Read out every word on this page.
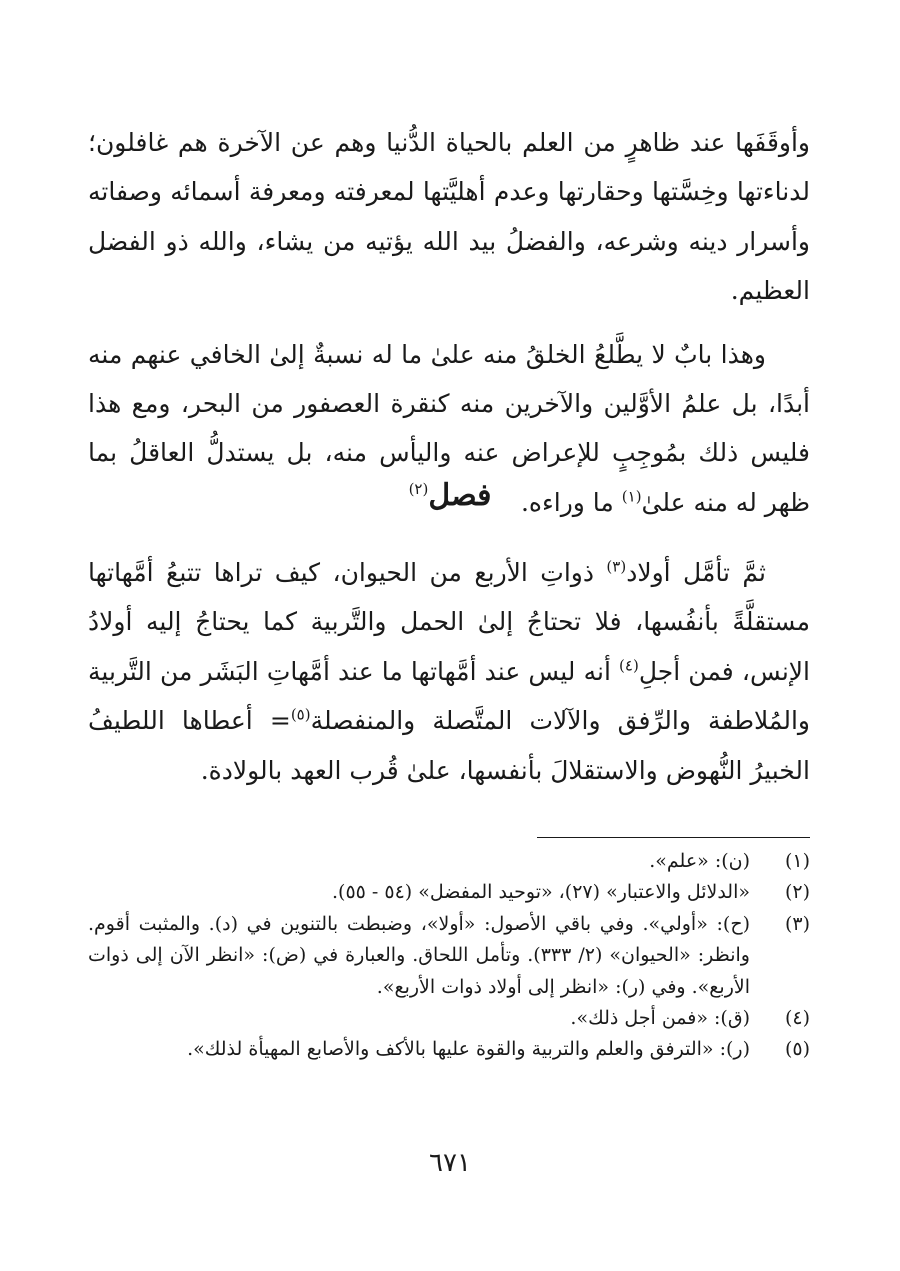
وأوقَفَها عند ظاهرٍ من العلم بالحياة الدُّنيا وهم عن الآخرة هم غافلون؛ لدناءتها وخِسَّتها وحقارتها وعدم أهليَّتها لمعرفته ومعرفة أسمائه وصفاته وأسرار دينه وشرعه، والفضلُ بيد الله يؤتيه من يشاء، والله ذو الفضل العظيم.

وهذا بابٌ لا يطَّلعُ الخلقُ منه علىٰ ما له نسبةٌ إلىٰ الخافي عنهم منه أبدًا، بل علمُ الأوَّلين والآخرين منه كنقرة العصفور من البحر، ومع هذا فليس ذلك بمُوجِبٍ للإعراض عنه واليأس منه، بل يستدلُّ العاقلُ بما ظهر له منه علىٰ$^{(١)}$ ما وراءه.

فصل$^{(٢)}$

ثمَّ تأمَّل أولاد$^{(٣)}$ ذواتِ الأربع من الحيوان، كيف تراها تتبعُ أمَّهاتها مستقلَّةً بأنفُسها، فلا تحتاجُ إلىٰ الحمل والتَّربية كما يحتاجُ إليه أولادُ الإنس، فمن أجلِ$^{(٤)}$ أنه ليس عند أمَّهاتها ما عند أمَّهاتِ البَشَر من التَّربية والمُلاطفة والرِّفق والآلات المتَّصلة والمنفصلة$^{(٥)}$= أعطاها اللطيفُ الخبيرُ النُّهوض والاستقلالَ بأنفسها، علىٰ قُرب العهد بالولادة.

(١)
(ن): «علم».
(٢)
«الدلائل والاعتبار» (٢٧)، «توحيد المفضل» (٥٤ - ٥٥).
(٣)
(ح): «أولي». وفي باقي الأصول: «أولا»، وضبطت بالتنوين في (د). والمثبت أقوم. وانظر: «الحيوان» (٢/ ٣٣٣). وتأمل اللحاق. والعبارة في (ض): «انظر الآن إلى ذوات الأربع». وفي (ر): «انظر إلى أولاد ذوات الأربع».
(٤)
(ق): «فمن أجل ذلك».
(٥)
(ر): «الترفق والعلم والتربية والقوة عليها بالأكف والأصابع المهيأة لذلك».
٦٧١
